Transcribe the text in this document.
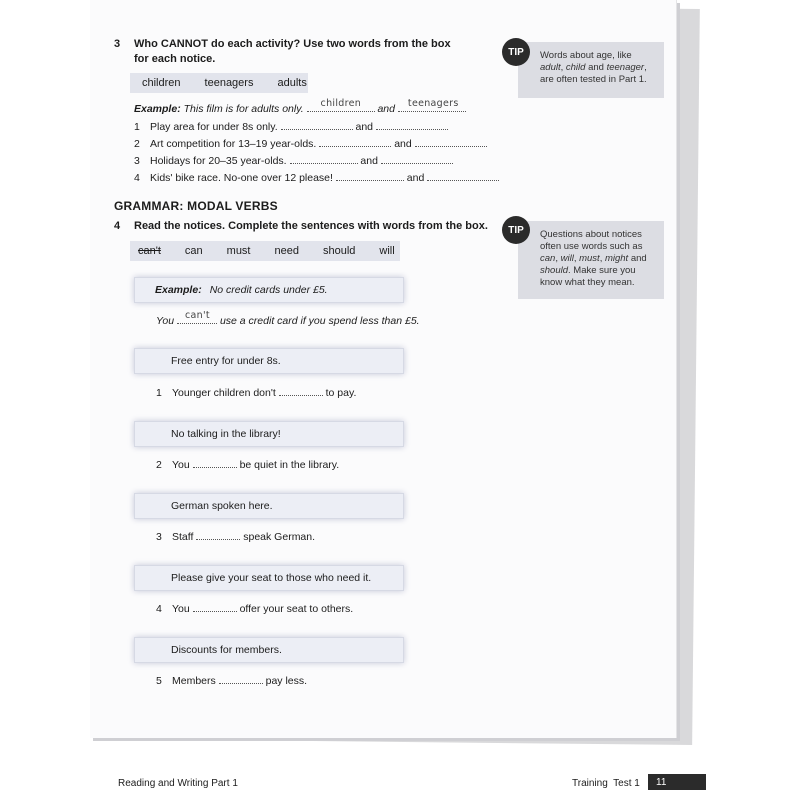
3 Who CANNOT do each activity? Use two words from the box for each notice.
children teenagers adults
Example: This film is for adults only. children and teenagers
1 Play area for under 8s only.	and
2 Art competition for 13–19 year-olds.	and
3 Holidays for 20–35 year-olds.	and
4 Kids' bike race. No-one over 12 please!	and
GRAMMAR: MODAL VERBS
4 Read the notices. Complete the sentences with words from the box.
can't can must need should will
Example: No credit cards under £5.
You can't use a credit card if you spend less than £5.
Free entry for under 8s.
1 Younger children don't	to pay.
No talking in the library!
2 You	be quiet in the library.
German spoken here.
3 Staff	speak German.
Please give your seat to those who need it.
4 You	offer your seat to others.
Discounts for members.
5 Members	pay less.
Words about age, like adult, child and teenager, are often tested in Part 1.
TIP
Questions about notices often use words such as can, will, must, might and should. Make sure you know what they mean.
TIP
Reading and Writing Part 1	Training  Test 1	11
